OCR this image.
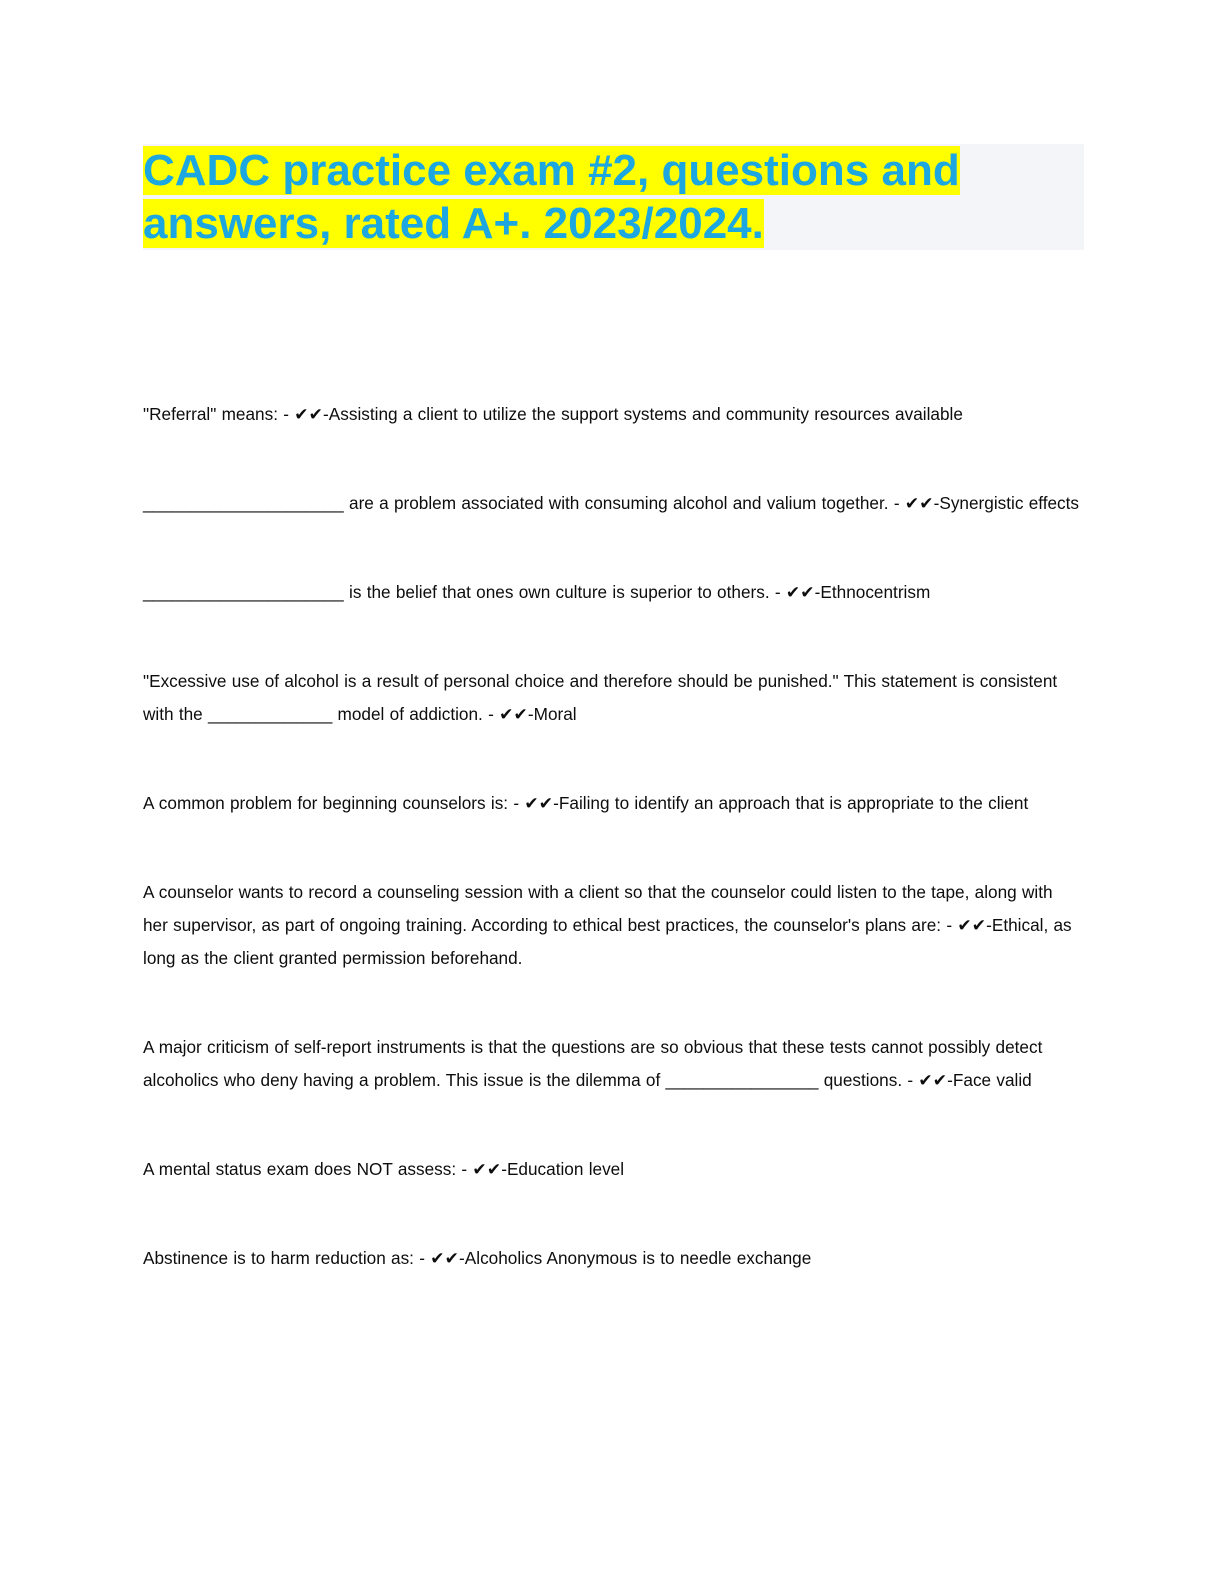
CADC practice exam #2, questions and answers, rated A+. 2023/2024.

"Referral" means: - ✔✔-Assisting a client to utilize the support systems and community resources available

_____________________ are a problem associated with consuming alcohol and valium together. - ✔✔-Synergistic effects

_____________________ is the belief that ones own culture is superior to others. - ✔✔-Ethnocentrism

"Excessive use of alcohol is a result of personal choice and therefore should be punished." This statement is consistent with the _____________ model of addiction. - ✔✔-Moral

A common problem for beginning counselors is: - ✔✔-Failing to identify an approach that is appropriate to the client

A counselor wants to record a counseling session with a client so that the counselor could listen to the tape, along with her supervisor, as part of ongoing training. According to ethical best practices, the counselor's plans are: - ✔✔-Ethical, as long as the client granted permission beforehand.

A major criticism of self-report instruments is that the questions are so obvious that these tests cannot possibly detect alcoholics who deny having a problem. This issue is the dilemma of ________________ questions. - ✔✔-Face valid

A mental status exam does NOT assess: - ✔✔-Education level

Abstinence is to harm reduction as: - ✔✔-Alcoholics Anonymous is to needle exchange
